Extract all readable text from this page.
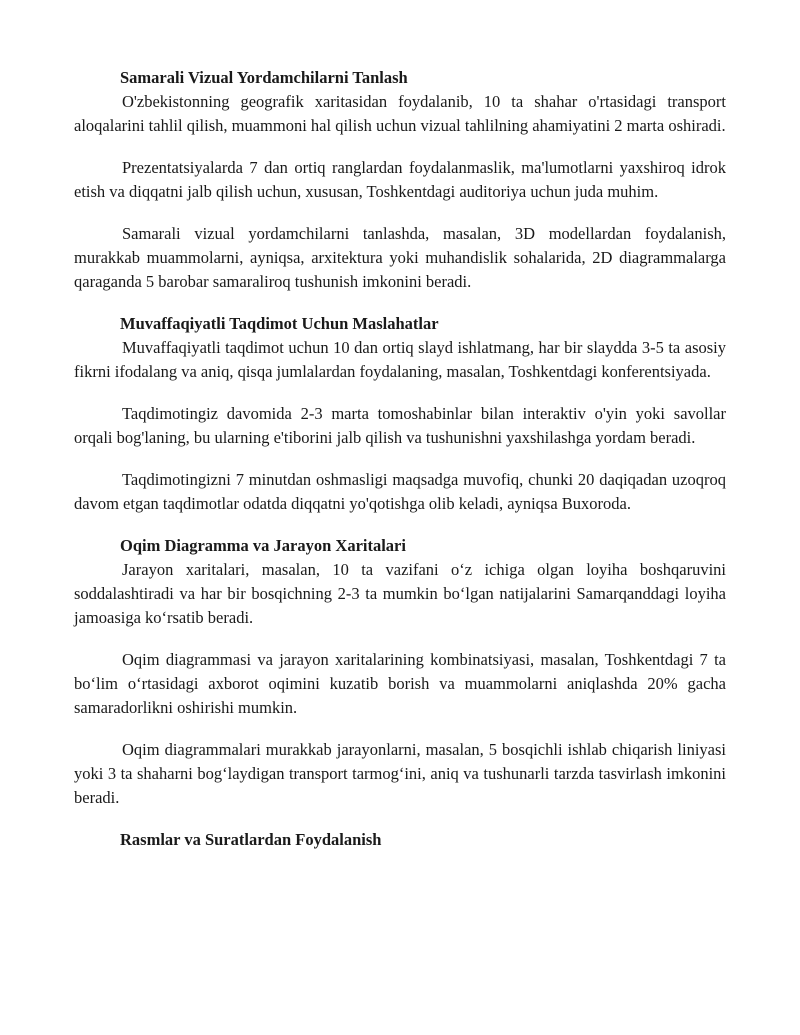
Samarali Vizual Yordamchilarni Tanlash

O'zbekistonning geografik xaritasidan foydalanib, 10 ta shahar o'rtasidagi transport aloqalarini tahlil qilish, muammoni hal qilish uchun vizual tahlilning ahamiyatini 2 marta oshiradi.

Prezentatsiyalarda 7 dan ortiq ranglardan foydalanmaslik, ma'lumotlarni yaxshiroq idrok etish va diqqatni jalb qilish uchun, xususan, Toshkentdagi auditoriya uchun juda muhim.

Samarali vizual yordamchilarni tanlashda, masalan, 3D modellardan foydalanish, murakkab muammolarni, ayniqsa, arxitektura yoki muhandislik sohalarida, 2D diagrammalarga qaraganda 5 barobar samaraliroq tushunish imkonini beradi.

Muvaffaqiyatli Taqdimot Uchun Maslahatlar

Muvaffaqiyatli taqdimot uchun 10 dan ortiq slayd ishlatmang, har bir slaydda 3-5 ta asosiy fikrni ifodalang va aniq, qisqa jumlalardan foydalaning, masalan, Toshkentdagi konferentsiyada.

Taqdimotingiz davomida 2-3 marta tomoshabinlar bilan interaktiv o'yin yoki savollar orqali bog'laning, bu ularning e'tiborini jalb qilish va tushunishni yaxshilashga yordam beradi.

Taqdimotingizni 7 minutdan oshmasligi maqsadga muvofiq, chunki 20 daqiqadan uzoqroq davom etgan taqdimotlar odatda diqqatni yo'qotishga olib keladi, ayniqsa Buxoroda.

Oqim Diagramma va Jarayon Xaritalari

Jarayon xaritalari, masalan, 10 ta vazifani o‘z ichiga olgan loyiha boshqaruvini soddalashtiradi va har bir bosqichning 2-3 ta mumkin bo‘lgan natijalarini Samarqanddagi loyiha jamoasiga ko‘rsatib beradi.

Oqim diagrammasi va jarayon xaritalarining kombinatsiyasi, masalan, Toshkentdagi 7 ta bo‘lim o‘rtasidagi axborot oqimini kuzatib borish va muammolarni aniqlashda 20% gacha samaradorlikni oshirishi mumkin.

Oqim diagrammalari murakkab jarayonlarni, masalan, 5 bosqichli ishlab chiqarish liniyasi yoki 3 ta shaharni bog‘laydigan transport tarmog‘ini, aniq va tushunarli tarzda tasvirlash imkonini beradi.

Rasmlar va Suratlardan Foydalanish
